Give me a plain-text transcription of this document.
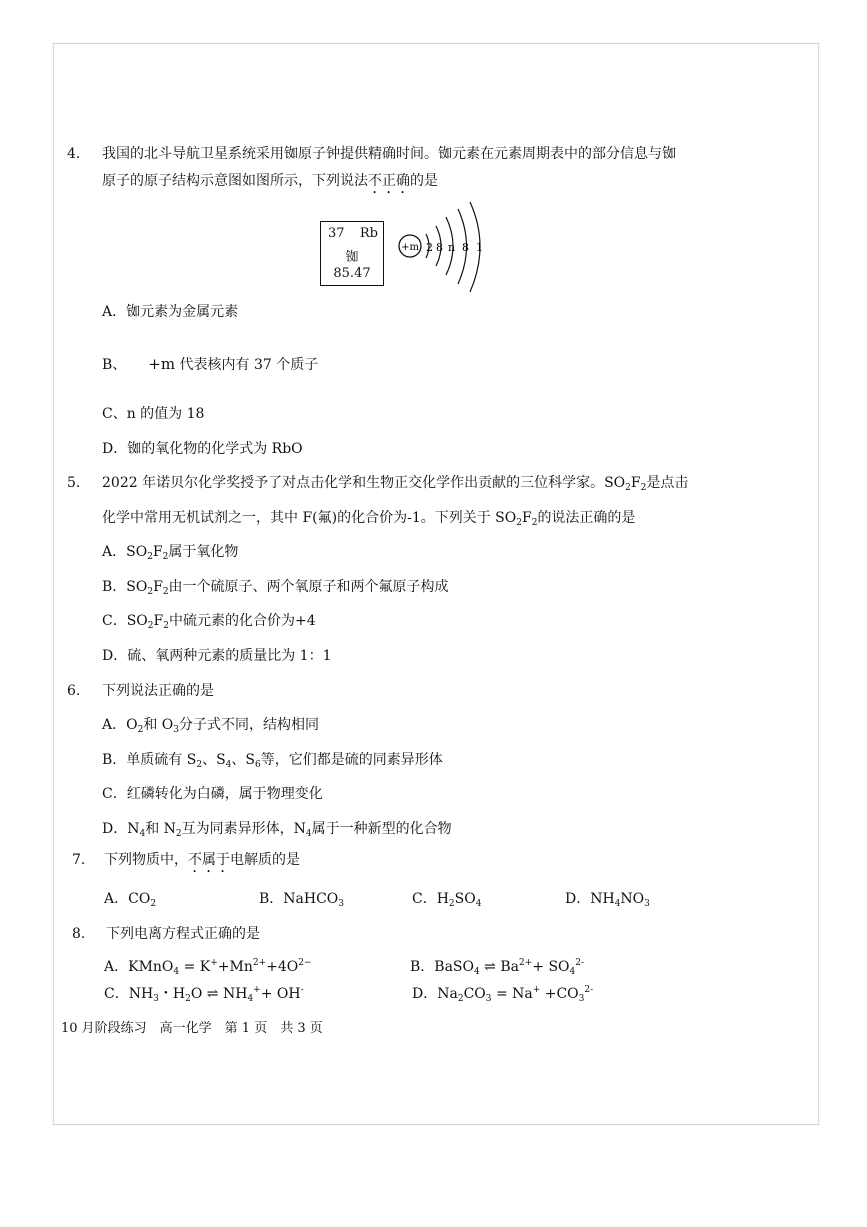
4. 我国的北斗导航卫星系统采用铷原子钟提供精确时间。铷元素在元素周期表中的部分信息与铷
原子的原子结构示意图如图所示，下列说法不正确的是
37 Rb
铷
85.47
+m 2 8 n 8 1
A．铷元素为金属元素
B、 +m 代表核内有 37 个质子
C、n 的值为 18
D．铷的氧化物的化学式为 RbO
5. 2022 年诺贝尔化学奖授予了对点击化学和生物正交化学作出贡献的三位科学家。$SO_2F_2$是点击
化学中常用无机试剂之一，其中 F(氟)的化合价为-1。下列关于 $SO_2F_2$的说法正确的是
A．$SO_2F_2$属于氧化物
B．$SO_2F_2$由一个硫原子、两个氧原子和两个氟原子构成
C．$SO_2F_2$中硫元素的化合价为+4
D．硫、氧两种元素的质量比为 1：1
6. 下列说法正确的是
A．$O_2$和 $O_3$分子式不同，结构相同
B．单质硫有 $S_2$、$S_4$、$S_6$等，它们都是硫的同素异形体
C．红磷转化为白磷，属于物理变化
D．$N_4$和 $N_2$互为同素异形体，$N_4$属于一种新型的化合物
7. 下列物质中，不属于电解质的是
A．$CO_2$	B．NaHCO$_3$	C．$H_2SO_4$	D．$NH_4NO_3$
8. 下列电离方程式正确的是
A．KMnO$_4$ = $K^++Mn^{2+}+4O^{2-}$	B．BaSO$_4$ ⇌ $Ba^{2+}+ SO_4^{2-}$
C．$NH_3$・$H_2O$ ⇌ $NH_4^++ OH^-$	D．$Na_2CO_3 = Na^+ +CO_3^{2-}$
10 月阶段练习　高一化学　第 1 页　共 3 页
